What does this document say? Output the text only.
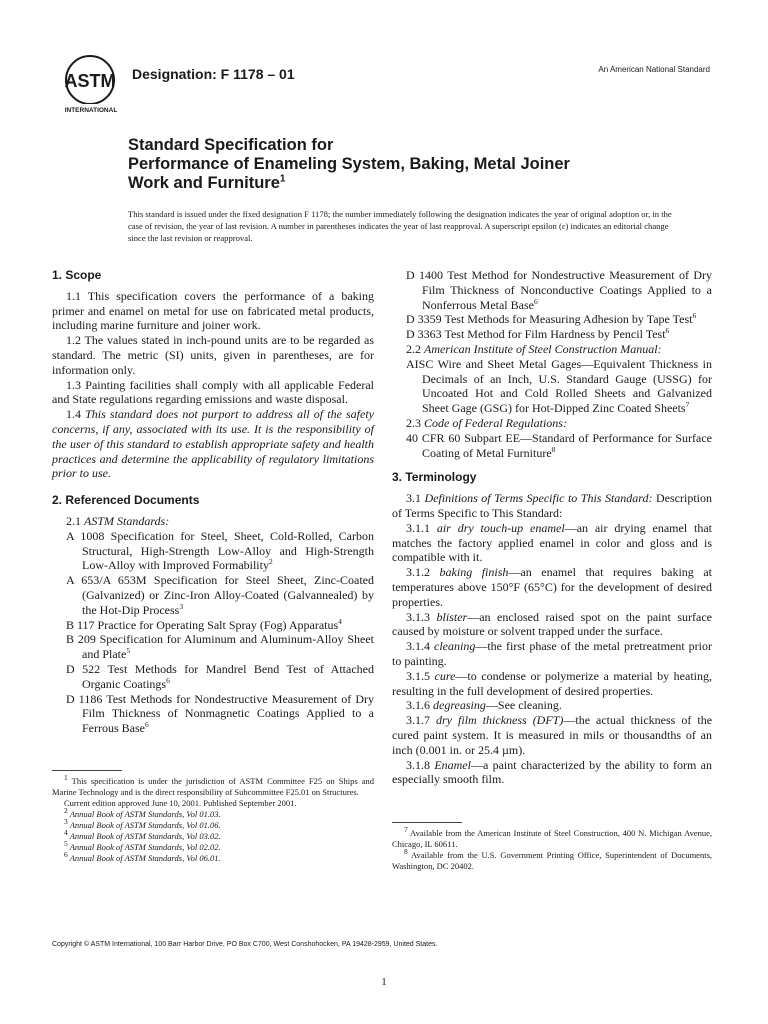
ASTM
INTERNATIONAL
Designation: F 1178 – 01	An American National Standard
Standard Specification for
Performance of Enameling System, Baking, Metal Joiner
Work and Furniture$^1$
This standard is issued under the fixed designation F 1178; the number immediately following the designation indicates the year of original adoption or, in the case of revision, the year of last revision. A number in parentheses indicates the year of last reapproval. A superscript epsilon (ε) indicates an editorial change since the last revision or reapproval.
1. Scope

1.1 This specification covers the performance of a baking primer and enamel on metal for use on fabricated metal products, including marine furniture and joiner work.

1.2 The values stated in inch-pound units are to be regarded as standard. The metric (SI) units, given in parentheses, are for information only.

1.3 Painting facilities shall comply with all applicable Federal and State regulations regarding emissions and waste disposal.

1.4 This standard does not purport to address all of the safety concerns, if any, associated with its use. It is the responsibility of the user of this standard to establish appropriate safety and health practices and determine the applicability of regulatory limitations prior to use.

2. Referenced Documents

2.1 ASTM Standards:

A 1008 Specification for Steel, Sheet, Cold-Rolled, Carbon Structural, High-Strength Low-Alloy and High-Strength Low-Alloy with Improved Formability$^2$

A 653/A 653M Specification for Steel Sheet, Zinc-Coated (Galvanized) or Zinc-Iron Alloy-Coated (Galvannealed) by the Hot-Dip Process$^3$

B 117 Practice for Operating Salt Spray (Fog) Apparatus$^4$

B 209 Specification for Aluminum and Aluminum-Alloy Sheet and Plate$^5$

D 522 Test Methods for Mandrel Bend Test of Attached Organic Coatings$^6$

D 1186 Test Methods for Nondestructive Measurement of Dry Film Thickness of Nonmagnetic Coatings Applied to a Ferrous Base$^6$

D 1400 Test Method for Nondestructive Measurement of Dry Film Thickness of Nonconductive Coatings Applied to a Nonferrous Metal Base$^6$

D 3359 Test Methods for Measuring Adhesion by Tape Test$^6$

D 3363 Test Method for Film Hardness by Pencil Test$^6$

2.2 American Institute of Steel Construction Manual:

AISC Wire and Sheet Metal Gages—Equivalent Thickness in Decimals of an Inch, U.S. Standard Gauge (USSG) for Uncoated Hot and Cold Rolled Sheets and Galvanized Sheet Gage (GSG) for Hot-Dipped Zinc Coated Sheets$^7$

2.3 Code of Federal Regulations:

40 CFR 60 Subpart EE—Standard of Performance for Surface Coating of Metal Furniture$^8$

3. Terminology

3.1 Definitions of Terms Specific to This Standard: Description of Terms Specific to This Standard:

3.1.1 air dry touch-up enamel—an air drying enamel that matches the factory applied enamel in color and gloss and is compatible with it.

3.1.2 baking finish—an enamel that requires baking at temperatures above 150°F (65°C) for the development of desired properties.

3.1.3 blister—an enclosed raised spot on the paint surface caused by moisture or solvent trapped under the surface.

3.1.4 cleaning—the first phase of the metal pretreatment prior to painting.

3.1.5 cure—to condense or polymerize a material by heating, resulting in the full development of desired properties.

3.1.6 degreasing—See cleaning.

3.1.7 dry film thickness (DFT)—the actual thickness of the cured paint system. It is measured in mils or thousandths of an inch (0.001 in. or 25.4 µm).

3.1.8 Enamel—a paint characterized by the ability to form an especially smooth film.

$^1$ This specification is under the jurisdiction of ASTM Committee F25 on Ships and Marine Technology and is the direct responsibility of Subcommittee F25.01 on Structures.

Current edition approved June 10, 2001. Published September 2001.

$^2$ Annual Book of ASTM Standards, Vol 01.03.

$^3$ Annual Book of ASTM Standards, Vol 01.06.

$^4$ Annual Book of ASTM Standards, Vol 03.02.

$^5$ Annual Book of ASTM Standards, Vol 02.02.

$^6$ Annual Book of ASTM Standards, Vol 06.01.

$^7$ Available from the American Institute of Steel Construction, 400 N. Michigan Avenue, Chicago, IL 60611.

$^8$ Available from the U.S. Government Printing Office, Superintendent of Documents, Washington, DC 20402.

Copyright © ASTM International, 100 Barr Harbor Drive, PO Box C700, West Conshohocken, PA 19428-2959, United States.
1
